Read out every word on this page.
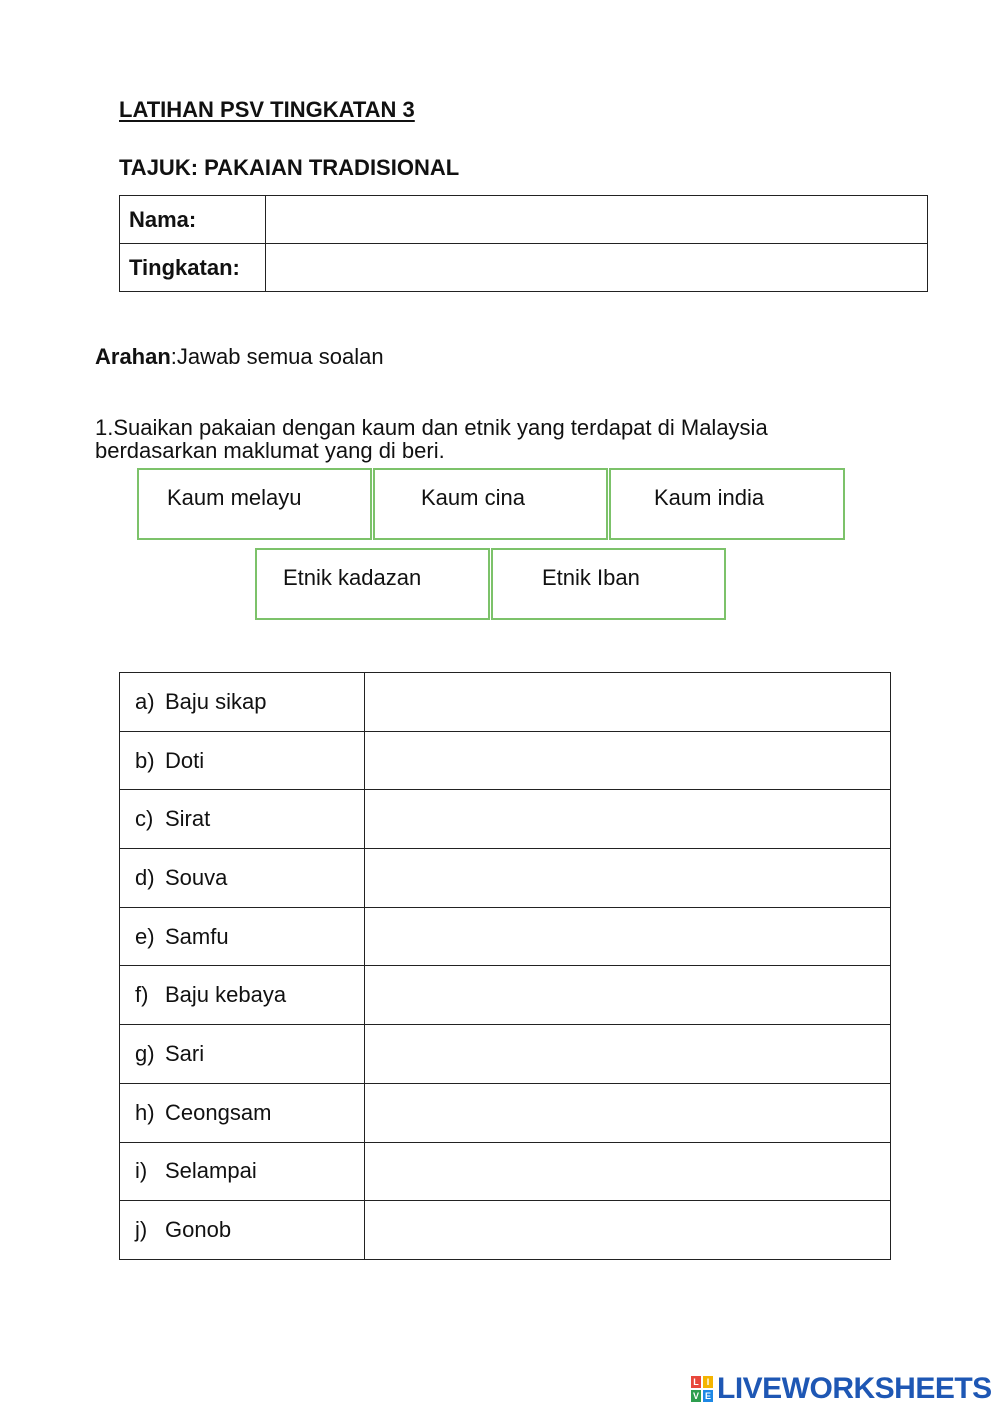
LATIHAN PSV TINGKATAN 3
TAJUK: PAKAIAN TRADISIONAL
Nama:	
Tingkatan:	
Arahan:Jawab semua soalan
1.Suaikan pakaian dengan kaum dan etnik yang terdapat di Malaysia
berdasarkan maklumat yang di beri.
Kaum melayu	Kaum cina	Kaum india
Etnik kadazan	Etnik Iban
a) Baju sikap	
b) Doti	
c) Sirat	
d) Souva	
e) Samfu	
f) Baju kebaya	
g) Sari	
h) Ceongsam	
i) Selampai	
j) Gonob	
L I
V E LIVEWORKSHEETS
